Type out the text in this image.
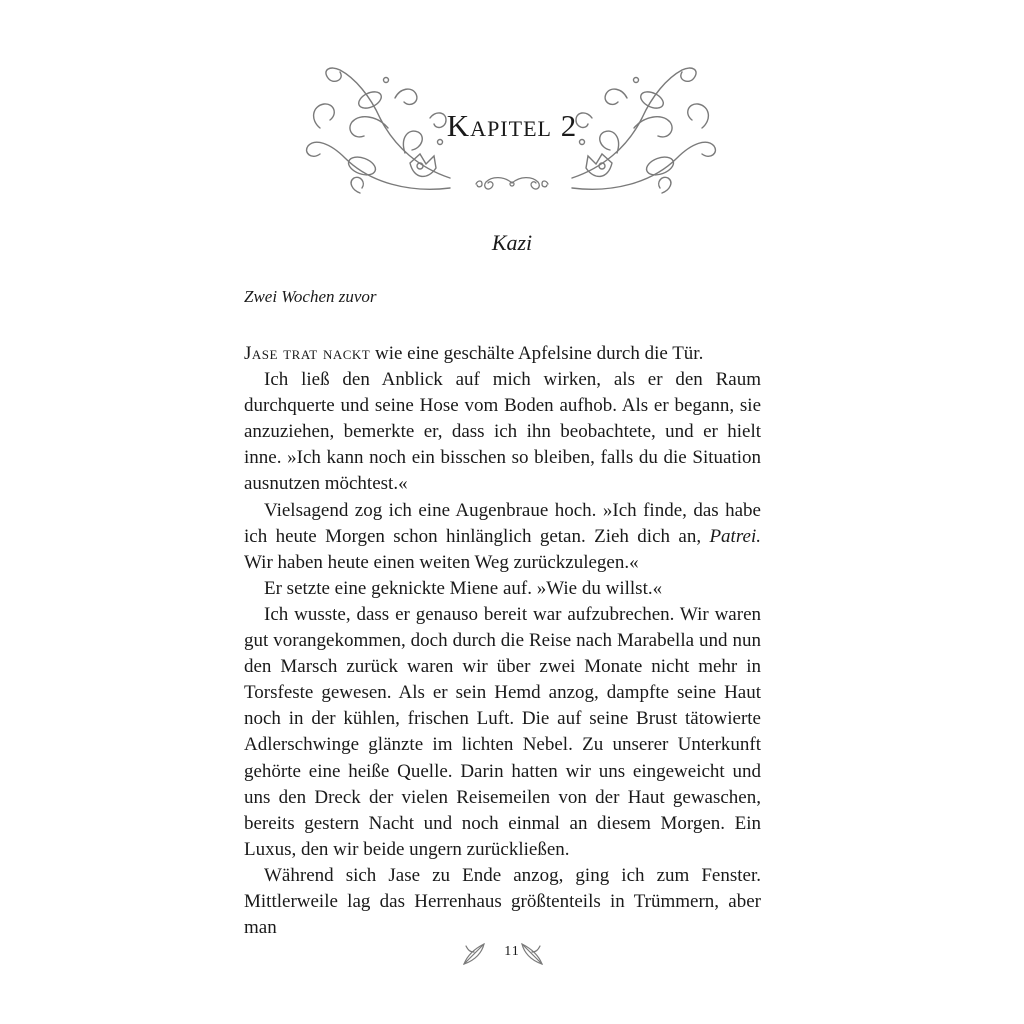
Kapitel 2
Kazi
Zwei Wochen zuvor

Jase trat nackt wie eine geschälte Apfelsine durch die Tür.

Ich ließ den Anblick auf mich wirken, als er den Raum durchquerte und seine Hose vom Boden aufhob. Als er begann, sie anzuziehen, bemerkte er, dass ich ihn beobachtete, und er hielt inne. »Ich kann noch ein bisschen so bleiben, falls du die Situation ausnutzen möchtest.«

Vielsagend zog ich eine Augenbraue hoch. »Ich finde, das habe ich heute Morgen schon hinlänglich getan. Zieh dich an, Patrei. Wir haben heute einen weiten Weg zurückzulegen.«

Er setzte eine geknickte Miene auf. »Wie du willst.«

Ich wusste, dass er genauso bereit war aufzubrechen. Wir waren gut vorangekommen, doch durch die Reise nach Marabella und nun den Marsch zurück waren wir über zwei Monate nicht mehr in Torsfeste gewesen. Als er sein Hemd anzog, dampfte seine Haut noch in der kühlen, frischen Luft. Die auf seine Brust tätowierte Adlerschwinge glänzte im lichten Nebel. Zu unserer Unterkunft gehörte eine heiße Quelle. Darin hatten wir uns eingeweicht und uns den Dreck der vielen Reisemeilen von der Haut gewaschen, bereits gestern Nacht und noch einmal an diesem Morgen. Ein Luxus, den wir beide ungern zurückließen.

Während sich Jase zu Ende anzog, ging ich zum Fenster. Mittlerweile lag das Herrenhaus größtenteils in Trümmern, aber man

11
